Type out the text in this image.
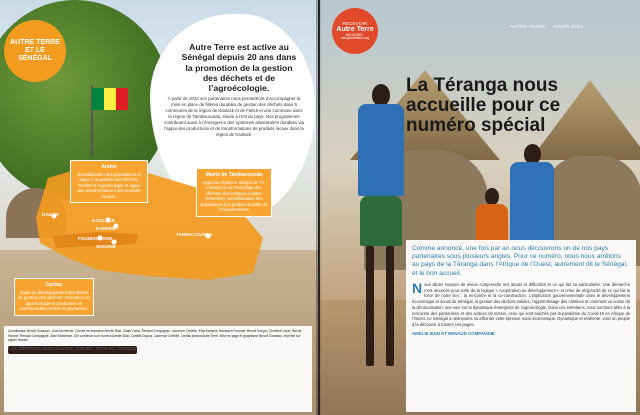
AUTRE TERRE ET LE SÉNÉGAL
Autre Terre est active au Sénégal depuis 20 ans dans la promotion de la gestion des déchets et de l’agroécologie.
À partir de 2022 ses partenaires nous permettront d’accompagner la mise en place de filières durables de gestion des déchets dans 5 communes de la région de Kaolack et de Fatick et une commune dans la région de Tambacounda, située à l’est du pays. Nos programmes contribuent aussi à l’émergence des systèmes alimentaires durables via l’appui des productions et de transformations de produits locaux dans la région de Kaolack.
DAKAR
KAOLACK
KAHONE
FOUNDIOUGNE
SOKONE
TAMBACOUNDA
Andes
Sensibilisation des populations et appui à la gestion des déchets. Soutien à l’agroécologie et appui aux transformateurs des produits locaux.
Mairie de Tambacounda
Appui au Système Intégré de Tri-Informel et au Recyclage des déchets domestiques solides (SINAISS). Sensibilisation des populations à la gestion durable de l’environnement.
Caritas
Appui au développement des filières de gestion des déchets. Formation en agroécologie et production en communautés rurales et paysannes.
Coordination Benoît Gosseau, Jean Montenier. Comité de rédaction Amelie Bazi, Claire Carla, Renaud Compagnie, Laurence Crételle, Elsa Kompeti, Baudouin Fournier, Benoît Goujon, Christine Lepin, Benoît Hamon, Renaud Compagnie, Jean Montenier. Ont contribué à ce numéro Amelie Bazi, Camille Dupuis, Laurence Crételle. Crédits photos Autre Terre. Mise en page et graphisme Benoît Gosseau. Imprimé sur papier recyclé.
Les différents lieux d’action d’Autre Terre au Sénégal
RECEVOIR
Autre Terre
MAGAZINE · info@autreterre.org
AUTRE TERRE HIVER 2021
La Téranga nous accueille pour ce numéro spécial
Comme annoncé, une fois par an nous découvrons un de nos pays partenaires sous plusieurs angles. Pour ce numéro, nous nous arrêtons au pays de la Téranga dans l’Afrique de l’Ouest, autrement dit le Sénégal, et le bon accueil.
N ous allons essayer de mieux comprendre ses atouts et difficultés et ce qui fait sa particularité. Une démarche s’est amorcée pour sortir de la logique « coopération au développement » et créer de réciprocité de ce qui fait la force de notre lien : la rencontre et la co-construction. L’implication gouvernementale dans le développement économique et social du Sénégal, la gestion des déchets solides, l’apprentissage des cantines et comment va notion de la décolonisation, une voie sur la dynamique émergente de l’agroécologie. Dans ces entretiens, nous sommes allés à la rencontre des partenaires et des acteurs de terrain, ceux qui sont touchés par la pandémie du Covid-19 en Afrique de l’Ouest. Le Sénégal a néanmoins su affronter cette épreuve socio-économique. Dynamique et résiliente, voici un peuple à la découvrir à travers ces pages.
AMÉLIE BAZI ET RENAUD COMPAGNIE
